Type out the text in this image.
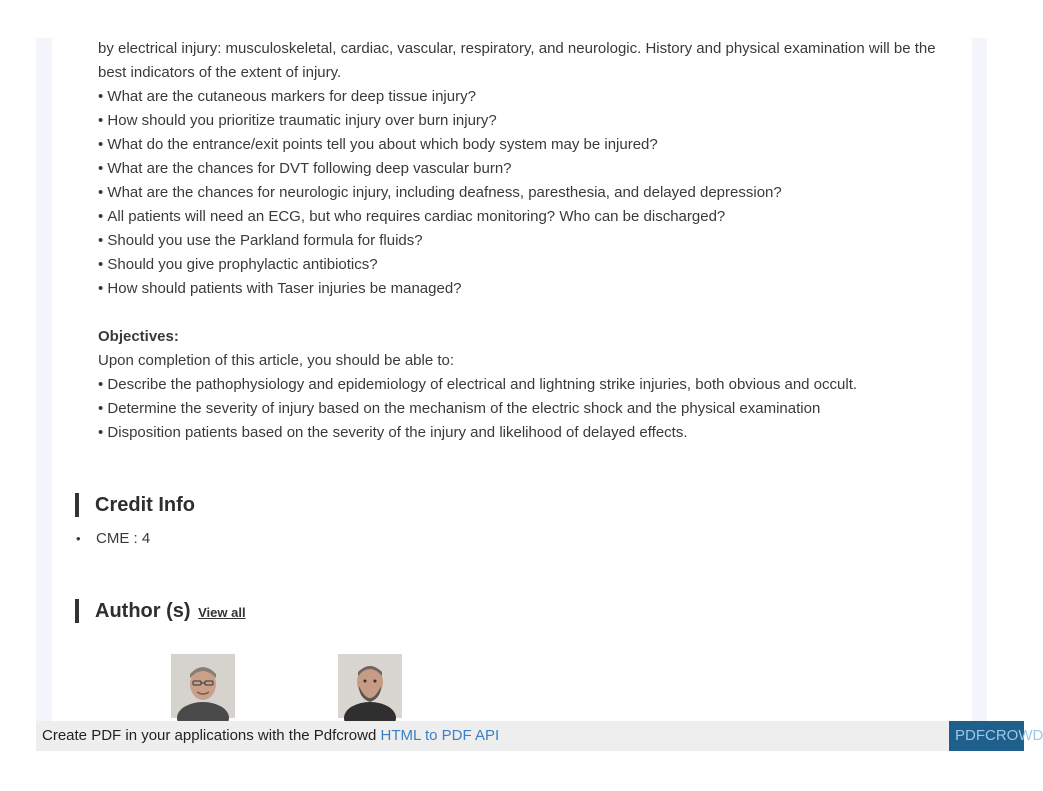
by electrical injury: musculoskeletal, cardiac, vascular, respiratory, and neurologic. History and physical examination will be the best indicators of the extent of injury.

• What are the cutaneous markers for deep tissue injury?
• How should you prioritize traumatic injury over burn injury?
• What do the entrance/exit points tell you about which body system may be injured?
• What are the chances for DVT following deep vascular burn?
• What are the chances for neurologic injury, including deafness, paresthesia, and delayed depression?
• All patients will need an ECG, but who requires cardiac monitoring? Who can be discharged?
• Should you use the Parkland formula for fluids?
• Should you give prophylactic antibiotics?
• How should patients with Taser injuries be managed?
Objectives:

Upon completion of this article, you should be able to:

• Describe the pathophysiology and epidemiology of electrical and lightning strike injuries, both obvious and occult.
• Determine the severity of injury based on the mechanism of the electric shock and the physical examination
• Disposition patients based on the severity of the injury and likelihood of delayed effects.
Credit Info
• CME : 4
Author (s) View all
Create PDF in your applications with the Pdfcrowd HTML to PDF API	PDFCROWD
